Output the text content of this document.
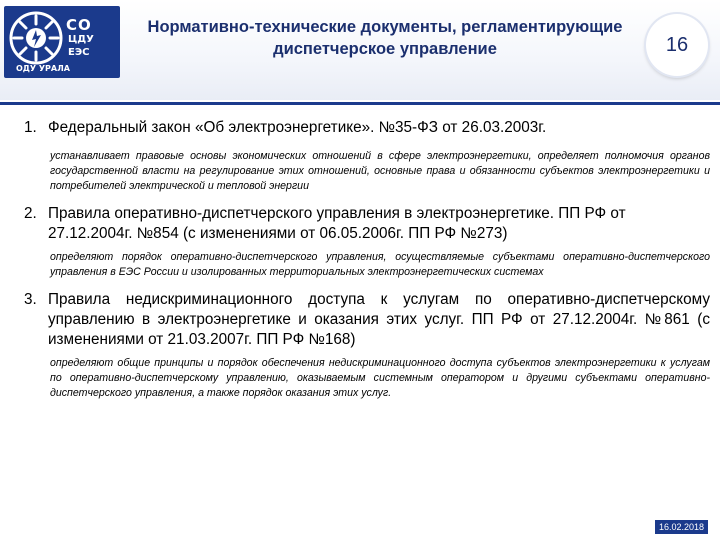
СО
ЦДУ
ЕЭС
ОДУ УРАЛА
Нормативно-технические документы, регламентирующие диспетчерское управление	16
1. Федеральный закон «Об электроэнергетике». №35-ФЗ от 26.03.2003г.
устанавливает правовые основы экономических отношений в сфере электроэнергетики, определяет полномочия органов государственной власти на регулирование этих отношений, основные права и обязанности субъектов электроэнергетики и потребителей электрической и тепловой энергии
2. Правила оперативно-диспетчерского управления в электроэнергетике. ПП РФ от 27.12.2004г. №854 (с изменениями от 06.05.2006г. ПП РФ №273)
определяют порядок оперативно-диспетчерского управления, осуществляемые субъектами оперативно-диспетчерского управления в ЕЭС России и изолированных территориальных электроэнергетических системах
3. Правила недискриминационного доступа к услугам по оперативно-диспетчерскому управлению в электроэнергетике и оказания этих услуг. ПП РФ от 27.12.2004г. №861 (с изменениями от 21.03.2007г. ПП РФ №168)
определяют общие принципы и порядок обеспечения недискриминационного доступа субъектов электроэнергетики к услугам по оперативно-диспетчерскому управлению, оказываемым системным оператором и другими субъектами оперативно-диспетчерского управления, а также порядок оказания этих услуг.
16.02.2018
